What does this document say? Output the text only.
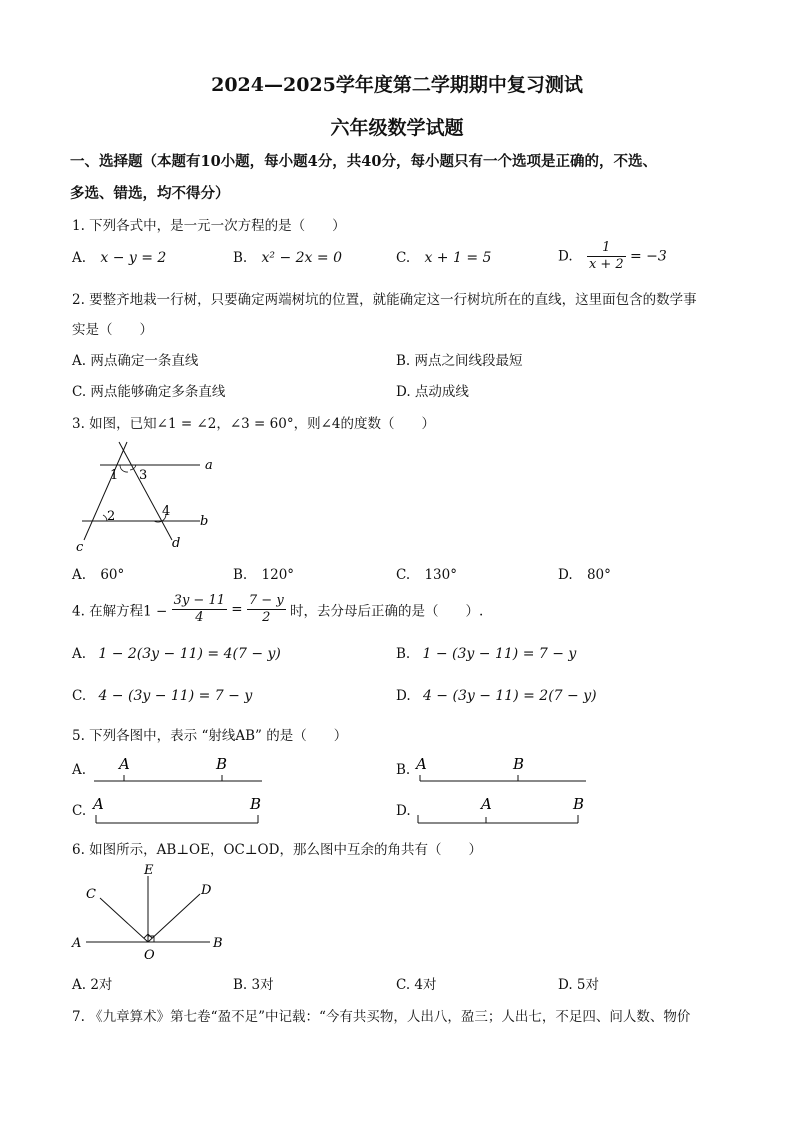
2024—2025学年度第二学期期中复习测试
六年级数学试题
一、选择题（本题有10小题，每小题4分，共40分，每小题只有一个选项是正确的，不选、
多选、错选，均不得分）
1. 下列各式中，是一元一次方程的是（　　）
A. x − y = 2	B. x² − 2x = 0	C. x + 1 = 5	D. $\frac{1}{x + 2} = -3$
2. 要整齐地栽一行树，只要确定两端树坑的位置，就能确定这一行树坑所在的直线，这里面包含的数学事
实是（　　）
A. 两点确定一条直线	B. 两点之间线段最短
C. 两点能够确定多条直线	D. 点动成线
3. 如图，已知∠1 = ∠2，∠3 = 60°，则∠4的度数（　　）
1 3
2	4
a
b
c	d
A. 60°	B. 120°	C. 130°	D. 80°
4. 在解方程$1 - \frac{3y - 11}{4} = \frac{7 - y}{2}$ 时，去分母后正确的是（　　）.
A. 1 − 2(3y − 11) = 4(7 − y)	B. 1 − (3y − 11) = 7 − y
C. 4 − (3y − 11) = 7 − y	D. 4 − (3y − 11) = 2(7 − y)
5. 下列各图中，表示 “射线AB” 的是（　　）
A. A	B	B. A	B
C. A	B	D.	A	B
6. 如图所示，AB⊥OE，OC⊥OD，那么图中互余的角共有（　　）
E
C	D
A	B
O
A. 2对	B. 3对	C. 4对	D. 5对
7. 《九章算术》第七卷“盈不足”中记载：“今有共买物，人出八，盈三；人出七，不足四、问人数、物价
